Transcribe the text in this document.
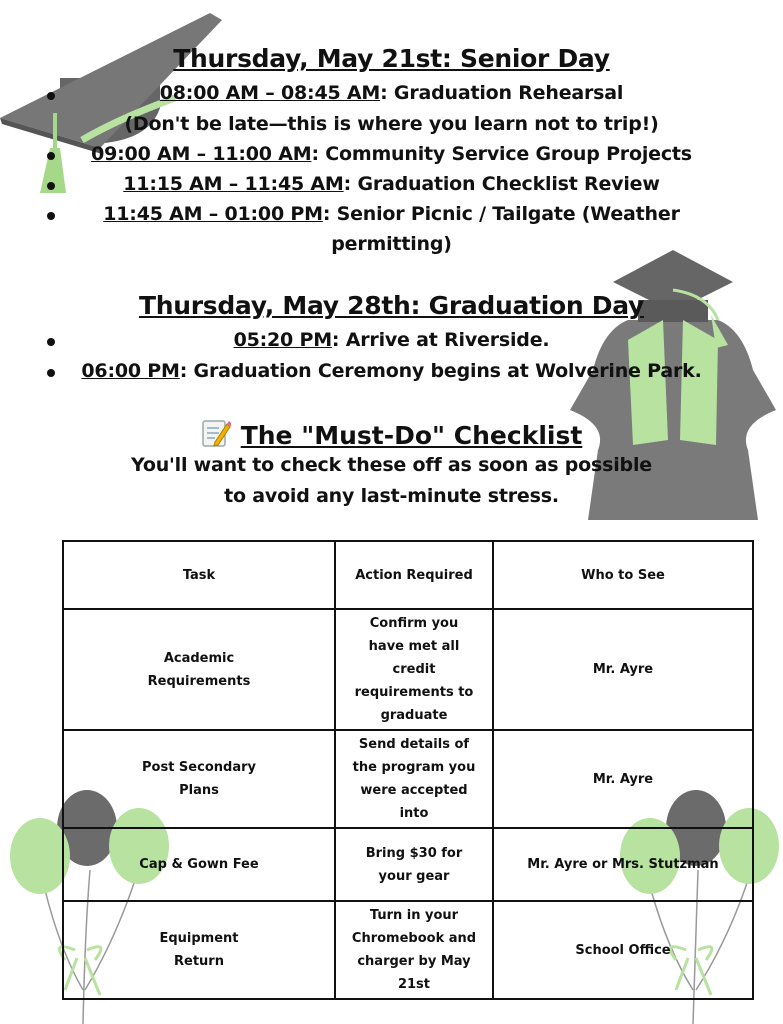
Thursday, May 21st: Senior Day
08:00 AM – 08:45 AM: Graduation Rehearsal
(Don't be late—this is where you learn not to trip!)
09:00 AM – 11:00 AM: Community Service Group Projects
11:15 AM – 11:45 AM: Graduation Checklist Review
11:45 AM – 01:00 PM: Senior Picnic / Tailgate (Weather
permitting)
Thursday, May 28th: Graduation Day
05:20 PM: Arrive at Riverside.
06:00 PM: Graduation Ceremony begins at Wolverine Park.
The "Must-Do" Checklist
You'll want to check these off as soon as possible
to avoid any last-minute stress.
Task	Action Required	Who to See

Academic Requirements	Confirm you have met all credit requirements to graduate	Mr. Ayre

Post Secondary Plans	Send details of the program you were accepted into	Mr. Ayre
Cap & Gown Fee	Bring $30 for your gear	Mr. Ayre or Mrs. Stutzman

Equipment Return	Turn in your Chromebook and charger by May 21st	School Office
